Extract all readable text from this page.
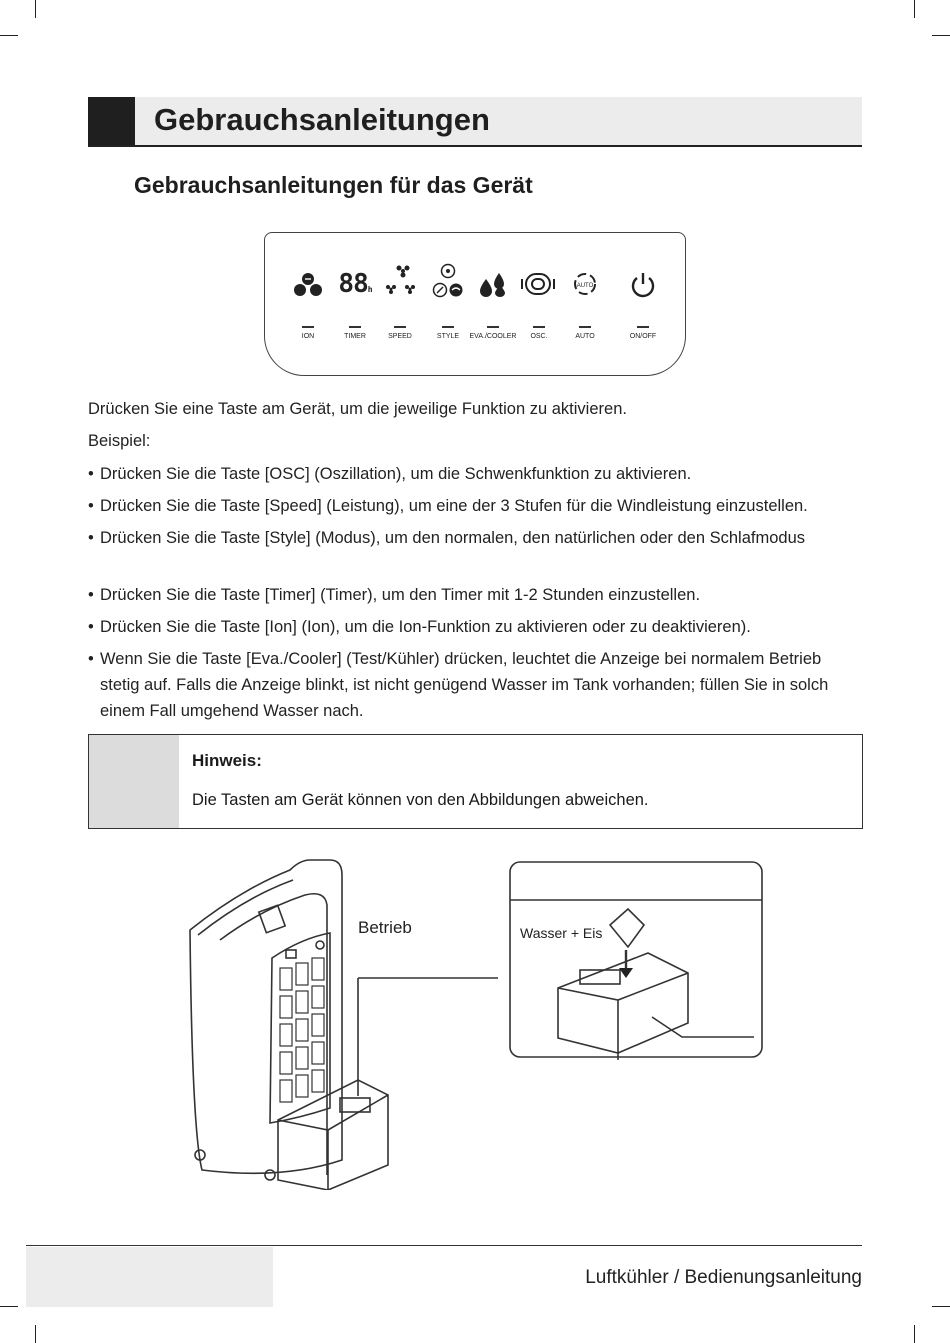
Gebrauchsanleitungen
Gebrauchsanleitungen für das Gerät
88h	AUTO
ION	TIMER	SPEED	STYLE	EVA./COOLER	OSC.	AUTO	ON/OFF
Drücken Sie eine Taste am Gerät, um die jeweilige Funktion zu aktivieren.
Beispiel:
• Drücken Sie die Taste [OSC] (Oszillation), um die Schwenkfunktion zu aktivieren.
• Drücken Sie die Taste [Speed] (Leistung), um eine der 3 Stufen für die Windleistung einzustellen.
• Drücken Sie die Taste [Style] (Modus), um den normalen, den natürlichen oder den Schlafmodus
• Drücken Sie die Taste [Timer] (Timer), um den Timer mit 1-2 Stunden einzustellen.
• Drücken Sie die Taste [Ion] (Ion), um die Ion-Funktion zu aktivieren oder zu deaktivieren).
• Wenn Sie die Taste [Eva./Cooler] (Test/Kühler) drücken, leuchtet die Anzeige bei normalem Betrieb
stetig auf. Falls die Anzeige blinkt, ist nicht genügend Wasser im Tank vorhanden; füllen Sie in solch
einem Fall umgehend Wasser nach.
Hinweis:
Die Tasten am Gerät können von den Abbildungen abweichen.
Betrieb	Wasser + Eis
Luftkühler / Bedienungsanleitung
